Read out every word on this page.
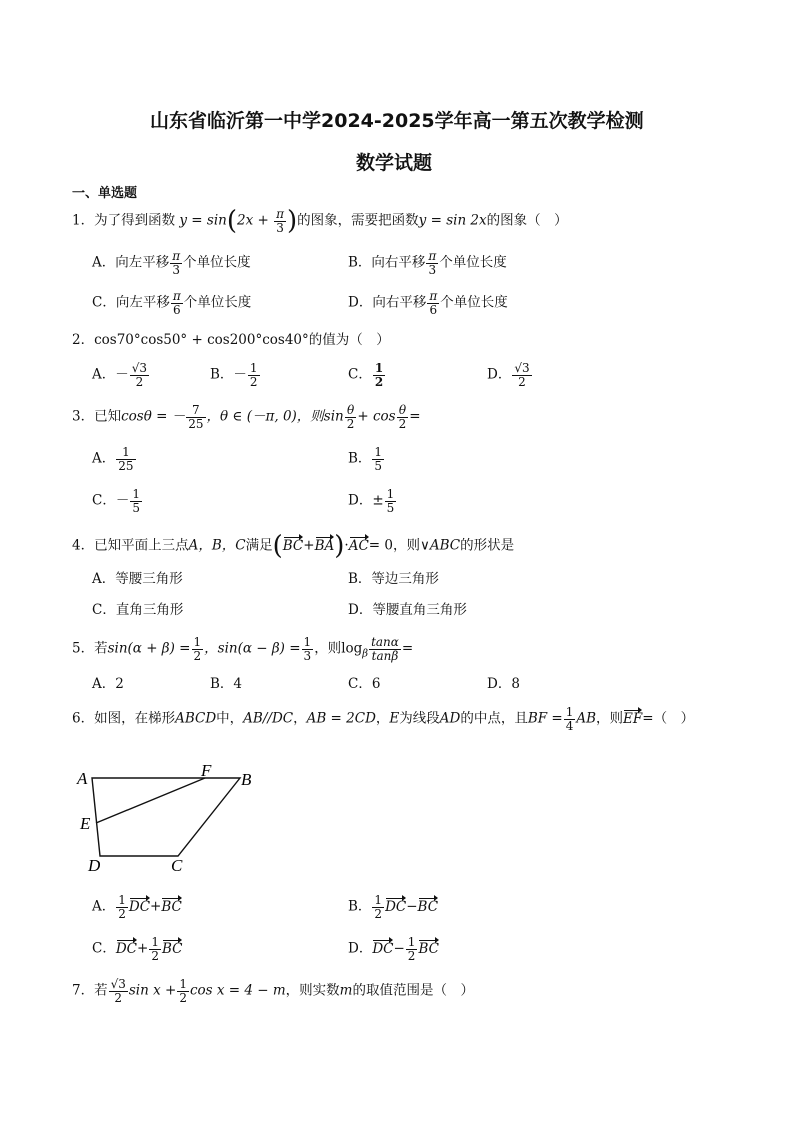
山东省临沂第一中学2024-2025学年高一第五次教学检测
数学试题
一、单选题
1．为了得到函数 $y = \sin(2x + \frac{\pi}{3}$ )的图象，需要把函数y = sin 2x的图象（　）
A．向左平移 $\frac{\pi}{3}$ 个单位长度	B．向右平移 $\frac{\pi}{3}$ 个单位长度
C．向左平移 $\frac{\pi}{6}$ 个单位长度	D．向右平移 $\frac{\pi}{6}$ 个单位长度
2．cos70°cos50° + cos200°cos40°的值为（　）
A．－ $\frac{√3}{2}$	B．－ $\frac{1}{2}$	C． $\frac{1}{2}$	D． $\frac{√3}{2}$
3．已知cosθ = － $\frac{7}{25}$ ，θ ∈ (－π, 0)，则$\sin \frac{\theta}{2} + \cos \frac{\theta}{2}$ =
A． $\frac{1}{25}$	B． $\frac{1}{5}$
C．－ $\frac{1}{5}$	D．± $\frac{1}{5}$
4．已知平面上三点A，B，C满足(BC+BA)·AC= 0，则∨ABC的形状是
A．等腰三角形	B．等边三角形
C．直角三角形	D．等腰直角三角形
5．若$\sin(\alpha + \beta) = \frac{1}{2}$ ，$\sin(\alpha - \beta) = \frac{1}{3}$ ，则$\log_\beta \frac{\tan\alpha}{\tan\beta}$ =
A．2	B．4	C．6	D．8
6．如图，在梯形ABCD中，AB//DC，AB = 2CD，E为线段AD的中点，且BF = $\frac{1}{4}$ AB，则EF=（　）
A	F B
E
D	C
A． $\frac{1}{2} DC+BC$	B． $\frac{1}{2} DC-BC$
C．$DC+ \frac{1}{2}$ BC	D．$DC- \frac{1}{2}$ BC
7．若 $\frac{√3}{2}$ $\sin x + \frac{1}{2}$ cos x = 4 − m，则实数m的取值范围是（　）
